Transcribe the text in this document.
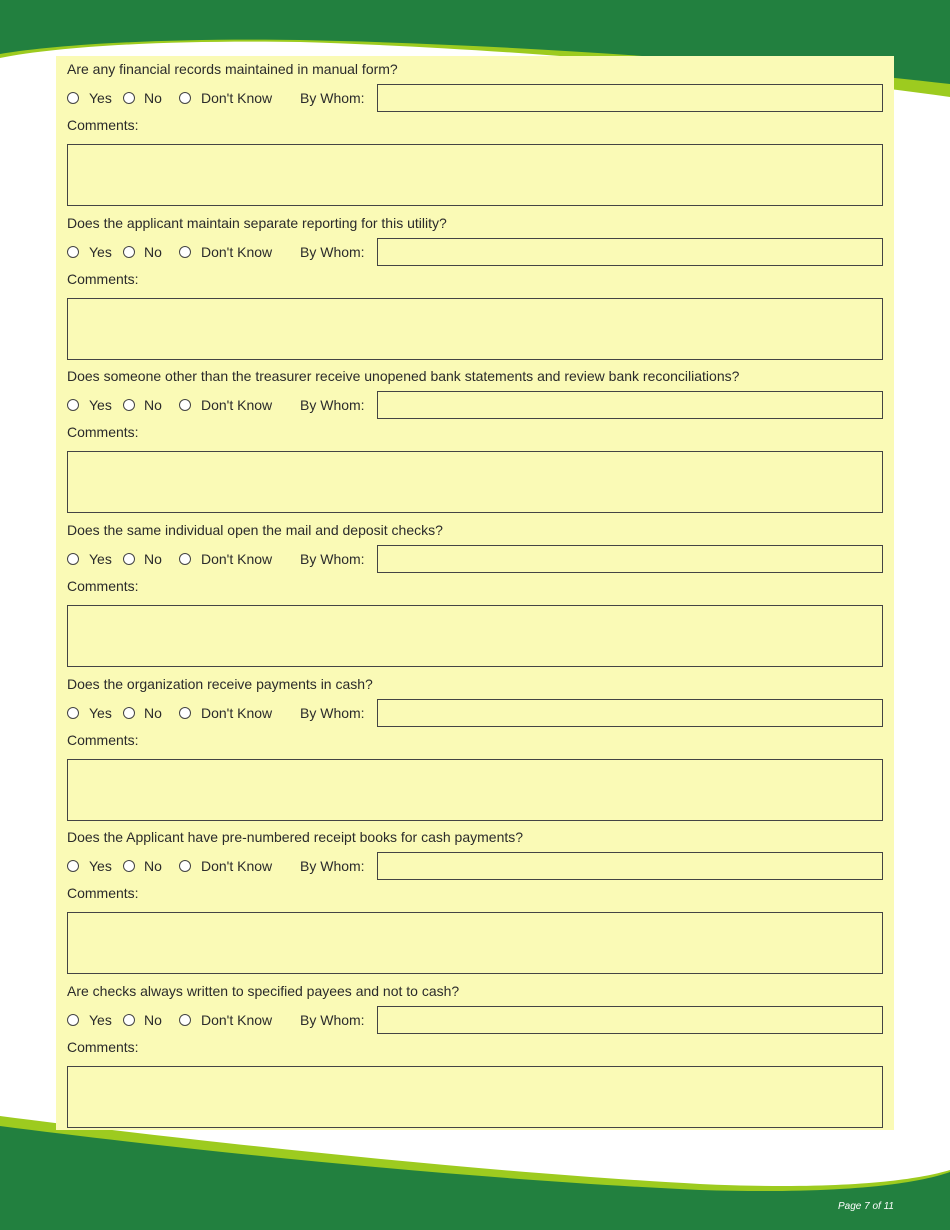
Are any financial records maintained in manual form?
Yes No	Don't Know By Whom:
Comments:
Does the applicant maintain separate reporting for this utility?
Yes No	Don't Know By Whom:
Comments:
Does someone other than the treasurer receive unopened bank statements and review bank reconciliations?
Yes No	Don't Know By Whom:
Comments:
Does the same individual open the mail and deposit checks?
Yes No	Don't Know By Whom:
Comments:
Does the organization receive payments in cash?
Yes No	Don't Know By Whom:
Comments:
Does the Applicant have pre-numbered receipt books for cash payments?
Yes No	Don't Know By Whom:
Comments:
Are checks always written to specified payees and not to cash?
Yes No	Don't Know By Whom:
Comments:
Page 7 of 11
